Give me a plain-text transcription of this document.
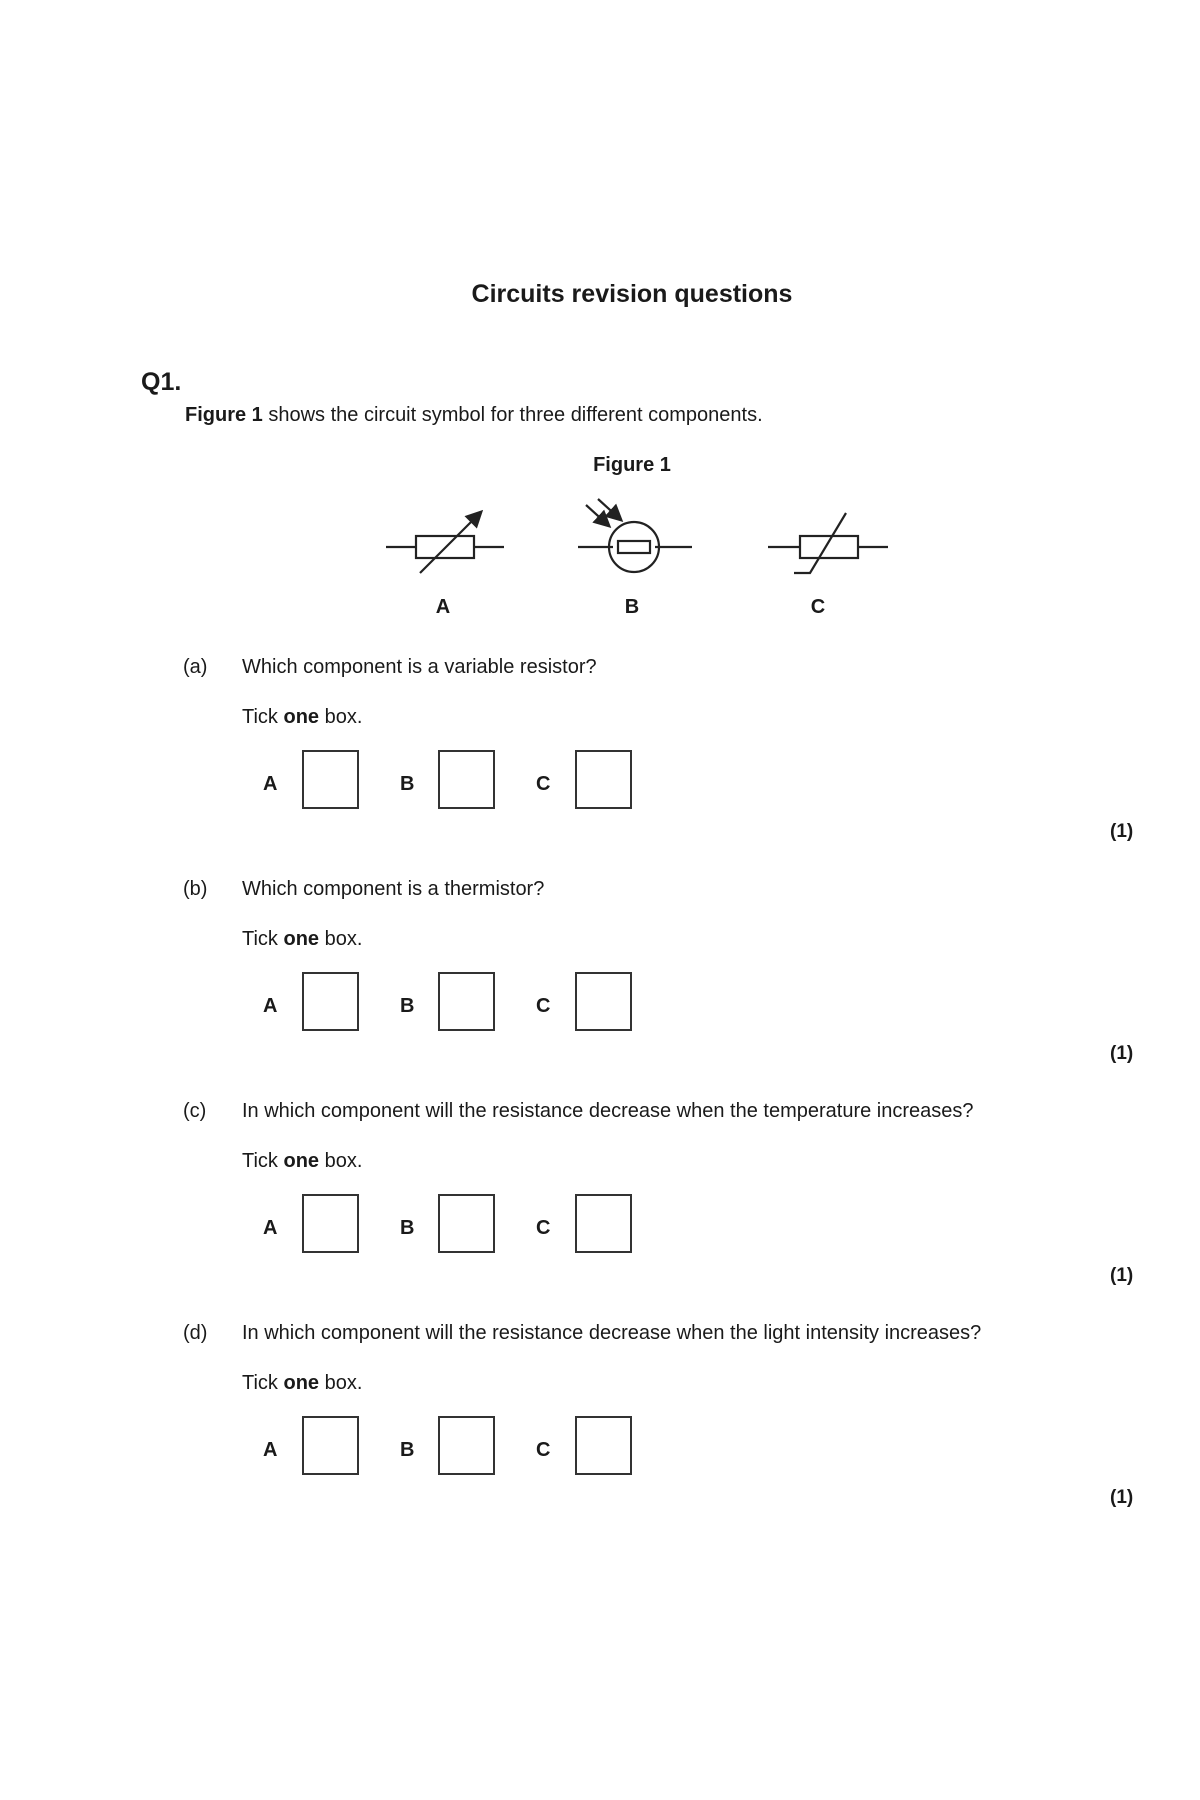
Circuits revision questions
Q1.
Figure 1 shows the circuit symbol for three different components.
Figure 1
A	B	C
(a) Which component is a variable resistor?
Tick one box.
A	B	C
(1)
(b) Which component is a thermistor?
Tick one box.
A	B	C
(1)
(c) In which component will the resistance decrease when the temperature increases?
Tick one box.
A	B	C
(1)
(d) In which component will the resistance decrease when the light intensity increases?
Tick one box.
A	B	C
(1)
